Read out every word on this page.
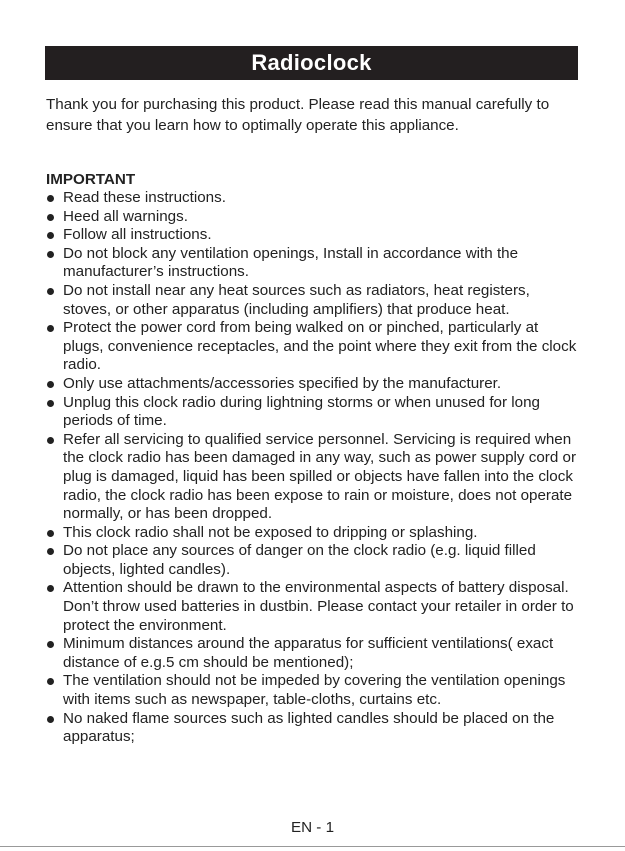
Radioclock

Thank you for purchasing this product. Please read this manual carefully to ensure that you learn how to optimally operate this appliance.

IMPORTANT

Read these instructions.
Heed all warnings.
Follow all instructions.
Do not block any ventilation openings, Install in accordance with the manufacturer’s instructions.
Do not install near any heat sources such as radiators, heat registers, stoves, or other apparatus (including amplifiers) that produce heat.
Protect the power cord from being walked on or pinched, particularly at plugs, convenience receptacles, and the point where they exit from the clock radio.
Only use attachments/accessories specified by the manufacturer.
Unplug this clock radio during lightning storms or when unused for long periods of time.
Refer all servicing to qualified service personnel. Servicing is required when the clock radio has been damaged in any way, such as power supply cord or plug is damaged, liquid has been spilled or objects have fallen into the clock radio, the clock radio has been expose to rain or moisture, does not operate normally, or has been dropped.
This clock radio shall not be exposed to dripping or splashing.
Do not place any sources of danger on the clock radio (e.g. liquid filled objects, lighted candles).
Attention should be drawn to the environmental aspects of battery disposal. Don’t throw used batteries in dustbin. Please contact your retailer in order to protect the environment.
Minimum distances around the apparatus for sufficient ventilations( exact distance of e.g.5 cm should be mentioned);
The ventilation should not be impeded by covering the ventilation openings with items such as newspaper, table-cloths, curtains etc.
No naked flame sources such as lighted candles should be placed on the apparatus;
EN - 1
